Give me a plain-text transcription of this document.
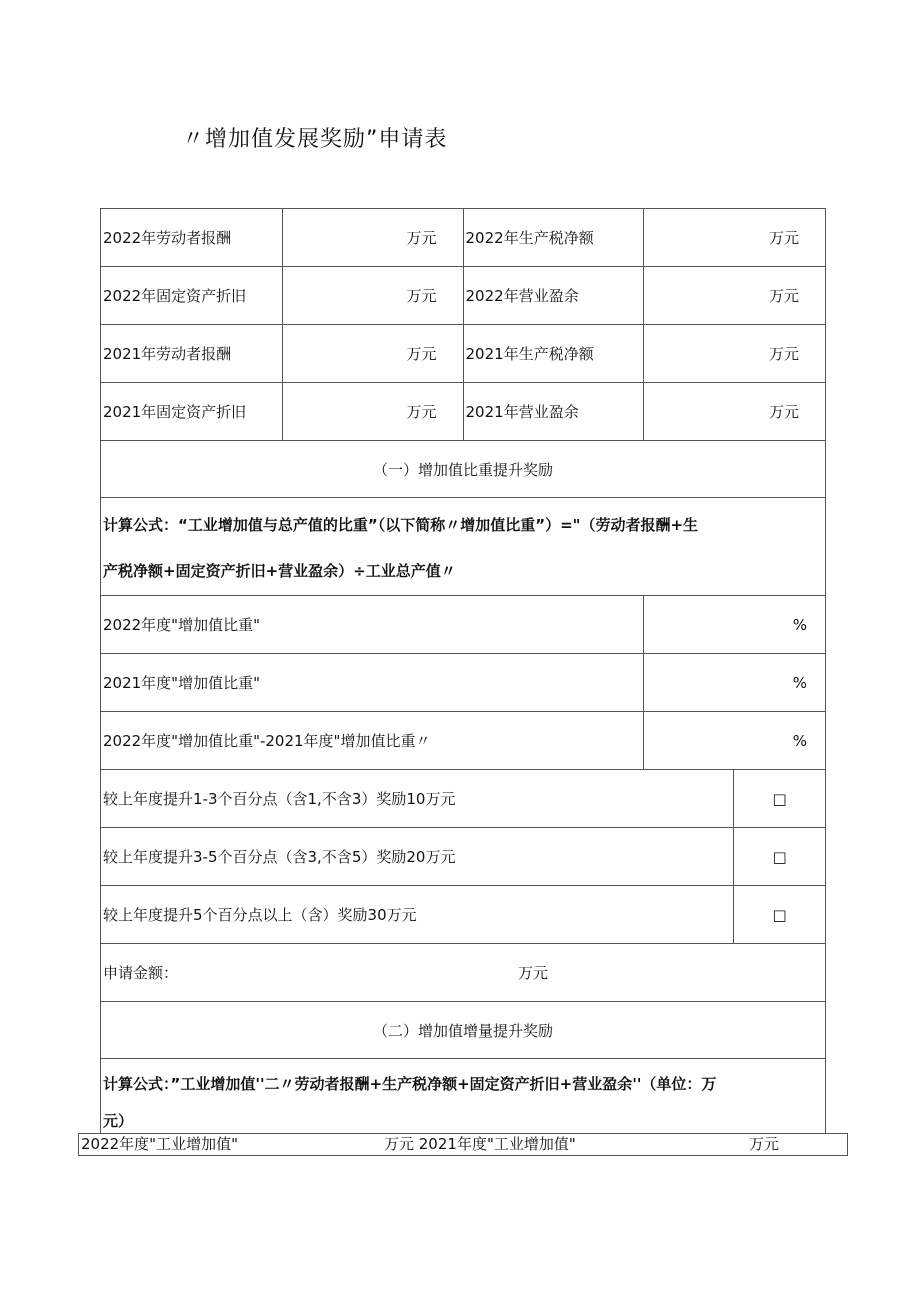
〃增加值发展奖励”申请表
2022年劳动者报酬	万元	2022年生产税净额	万元	
2022年固定资产折旧	万元	2022年营业盈余	万元	
2021年劳动者报酬	万元	2021年生产税净额	万元	
2021年固定资产折旧	万元	2021年营业盈余	万元	
（一）增加值比重提升奖励				

计算公式：“工业增加值与总产值的比重”（以下简称〃增加值比重”）="（劳动者报酬+生
产税净额+固定资产折旧+营业盈余）÷工业总产值〃				

2022年度"增加值比重"			%	
2021年度"增加值比重"			%	
2022年度"增加值比重"-2021年度"增加值比重〃			%	
较上年度提升1-3个百分点（含1,不含3）奖励10万元				□
较上年度提升3-5个百分点（含3,不含5）奖励20万元				□
较上年度提升5个百分点以上（含）奖励30万元				□
申请金额： 万元				
（二）增加值增量提升奖励				

计算公式：”工业增加值''二〃劳动者报酬+生产税净额+固定资产折旧+营业盈余''（单位：万
元）				
2022年度"工业增加值"	万元 2021年度"工业增加值"	万元
